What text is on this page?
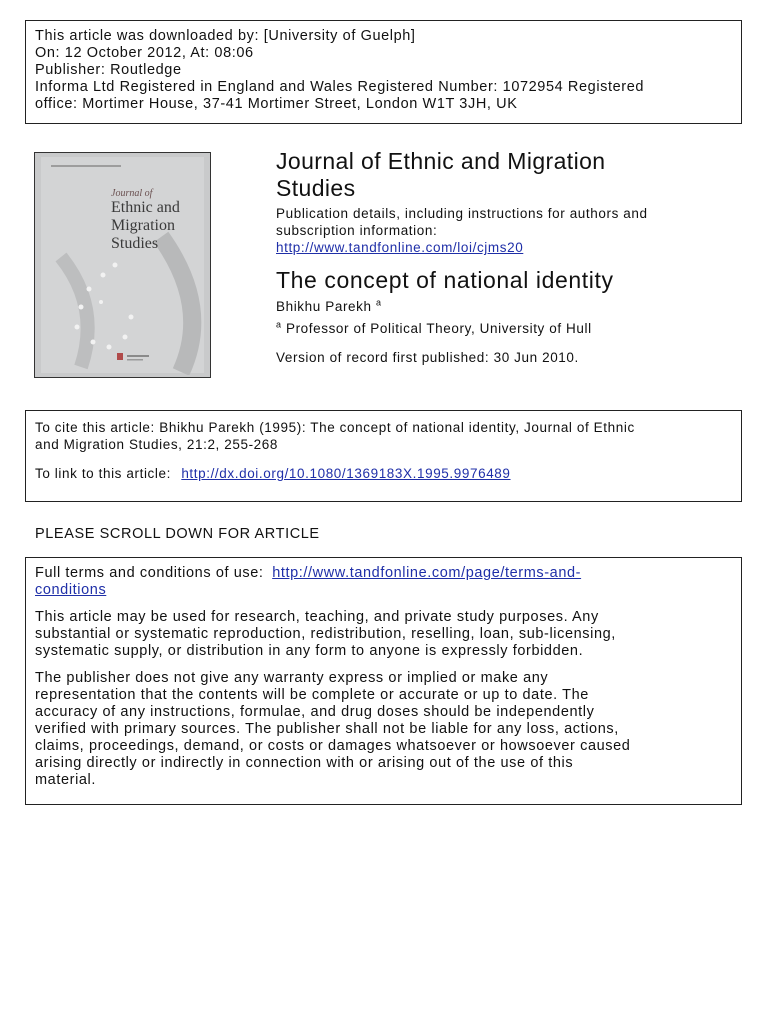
This article was downloaded by: [University of Guelph]
On: 12 October 2012, At: 08:06
Publisher: Routledge
Informa Ltd Registered in England and Wales Registered Number: 1072954 Registered
office: Mortimer House, 37-41 Mortimer Street, London W1T 3JH, UK
Journal of
Ethnic and
Migration
Studies
Journal of Ethnic and Migration
Studies
Publication details, including instructions for authors and
subscription information:
http://www.tandfonline.com/loi/cjms20
The concept of national identity
Bhikhu Parekh $^a$
$^a$ Professor of Political Theory, University of Hull
Version of record first published: 30 Jun 2010.
To cite this article: Bhikhu Parekh (1995): The concept of national identity, Journal of Ethnic
and Migration Studies, 21:2, 255-268
To link to this article: http://dx.doi.org/10.1080/1369183X.1995.9976489
PLEASE SCROLL DOWN FOR ARTICLE
Full terms and conditions of use: http://www.tandfonline.com/page/terms-and-
conditions
This article may be used for research, teaching, and private study purposes. Any
substantial or systematic reproduction, redistribution, reselling, loan, sub-licensing,
systematic supply, or distribution in any form to anyone is expressly forbidden.
The publisher does not give any warranty express or implied or make any
representation that the contents will be complete or accurate or up to date. The
accuracy of any instructions, formulae, and drug doses should be independently
verified with primary sources. The publisher shall not be liable for any loss, actions,
claims, proceedings, demand, or costs or damages whatsoever or howsoever caused
arising directly or indirectly in connection with or arising out of the use of this
material.
